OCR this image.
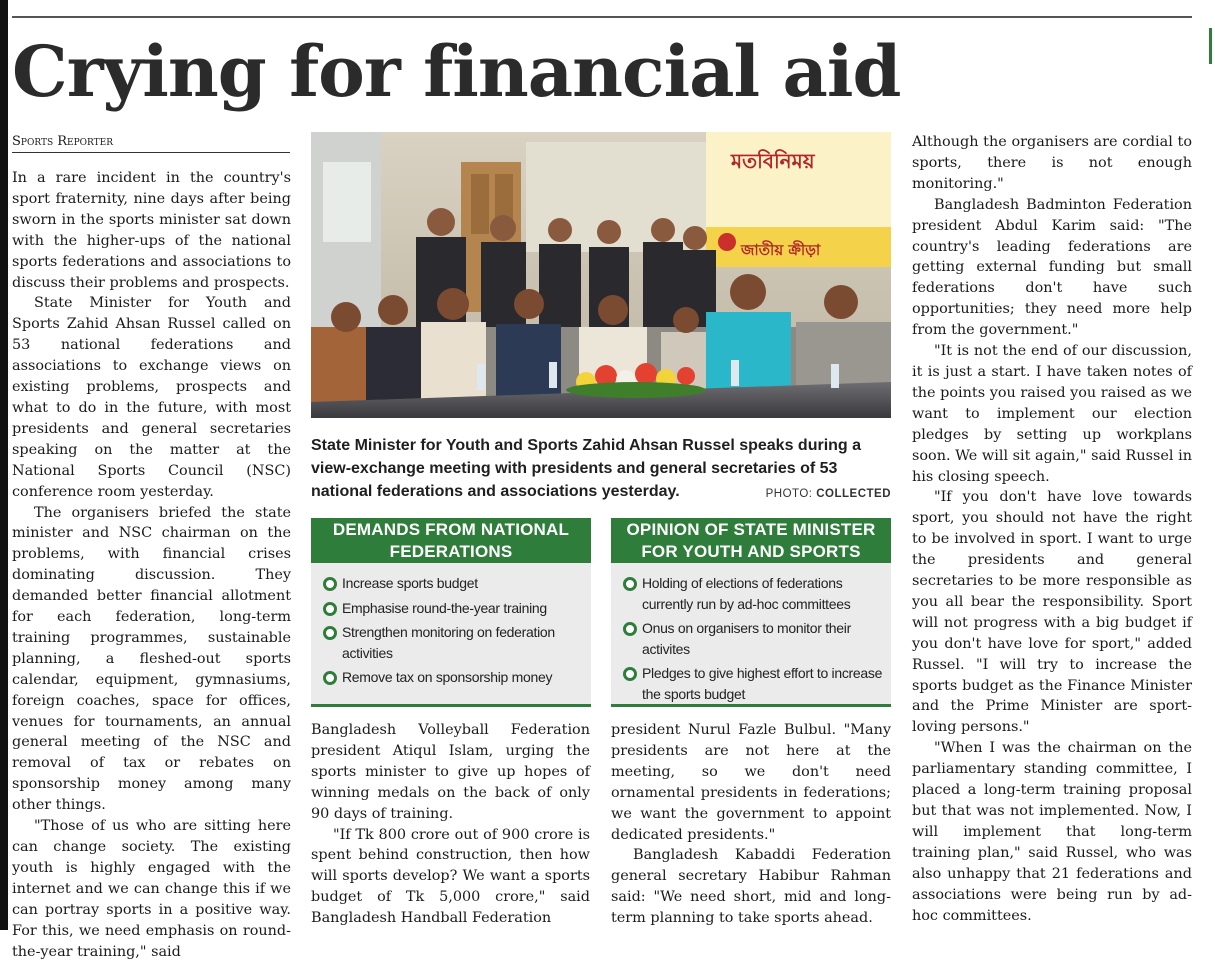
Crying for financial aid
Sports Reporter

In a rare incident in the country's sport fraternity, nine days after being sworn in the sports minister sat down with the higher-ups of the national sports federations and associations to discuss their problems and prospects.

State Minister for Youth and Sports Zahid Ahsan Russel called on 53 national federations and associations to exchange views on existing problems, prospects and what to do in the future, with most presidents and general secretaries speaking on the matter at the National Sports Council (NSC) conference room yesterday.

The organisers briefed the state minister and NSC chairman on the problems, with financial crises dominating discussion. They demanded better financial allotment for each federation, long-term training programmes, sustainable planning, a fleshed-out sports calendar, equipment, gymnasiums, foreign coaches, space for offices, venues for tournaments, an annual general meeting of the NSC and removal of tax or rebates on sponsorship money among many other things.

"Those of us who are sitting here can change society. The existing youth is highly engaged with the internet and we can change this if we can portray sports in a positive way. For this, we need emphasis on round-the-year training," said

মতবিনিময়
জাতীয় ক্রীড়া
State Minister for Youth and Sports Zahid Ahsan Russel speaks during a view-exchange meeting with presidents and general secretaries of 53 national federations and associations yesterday.	PHOTO: COLLECTED
DEMANDS FROM NATIONAL FEDERATIONS
Increase sports budget
Emphasise round-the-year training
Strengthen monitoring on federation activities
Remove tax on sponsorship money
OPINION OF STATE MINISTER FOR YOUTH AND SPORTS
Holding of elections of federations currently run by ad-hoc committees
Onus on organisers to monitor their activites
Pledges to give highest effort to increase the sports budget

Bangladesh Volleyball Federation president Atiqul Islam, urging the sports minister to give up hopes of winning medals on the back of only 90 days of training.

"If Tk 800 crore out of 900 crore is spent behind construction, then how will sports develop? We want a sports budget of Tk 5,000 crore," said Bangladesh Handball Federation

president Nurul Fazle Bulbul. "Many presidents are not here at the meeting, so we don't need ornamental presidents in federations; we want the government to appoint dedicated presidents."

Bangladesh Kabaddi Federation general secretary Habibur Rahman said: "We need short, mid and long-term planning to take sports ahead.

Although the organisers are cordial to sports, there is not enough monitoring."

Bangladesh Badminton Federation president Abdul Karim said: "The country's leading federations are getting external funding but small federations don't have such opportunities; they need more help from the government."

"It is not the end of our discussion, it is just a start. I have taken notes of the points you raised you raised as we want to implement our election pledges by setting up workplans soon. We will sit again," said Russel in his closing speech.

"If you don't have love towards sport, you should not have the right to be involved in sport. I want to urge the presidents and general secretaries to be more responsible as you all bear the responsibility. Sport will not progress with a big budget if you don't have love for sport," added Russel. "I will try to increase the sports budget as the Finance Minister and the Prime Minister are sport-loving persons."

"When I was the chairman on the parliamentary standing committee, I placed a long-term training proposal but that was not implemented. Now, I will implement that long-term training plan," said Russel, who was also unhappy that 21 federations and associations were being run by ad-hoc committees.
